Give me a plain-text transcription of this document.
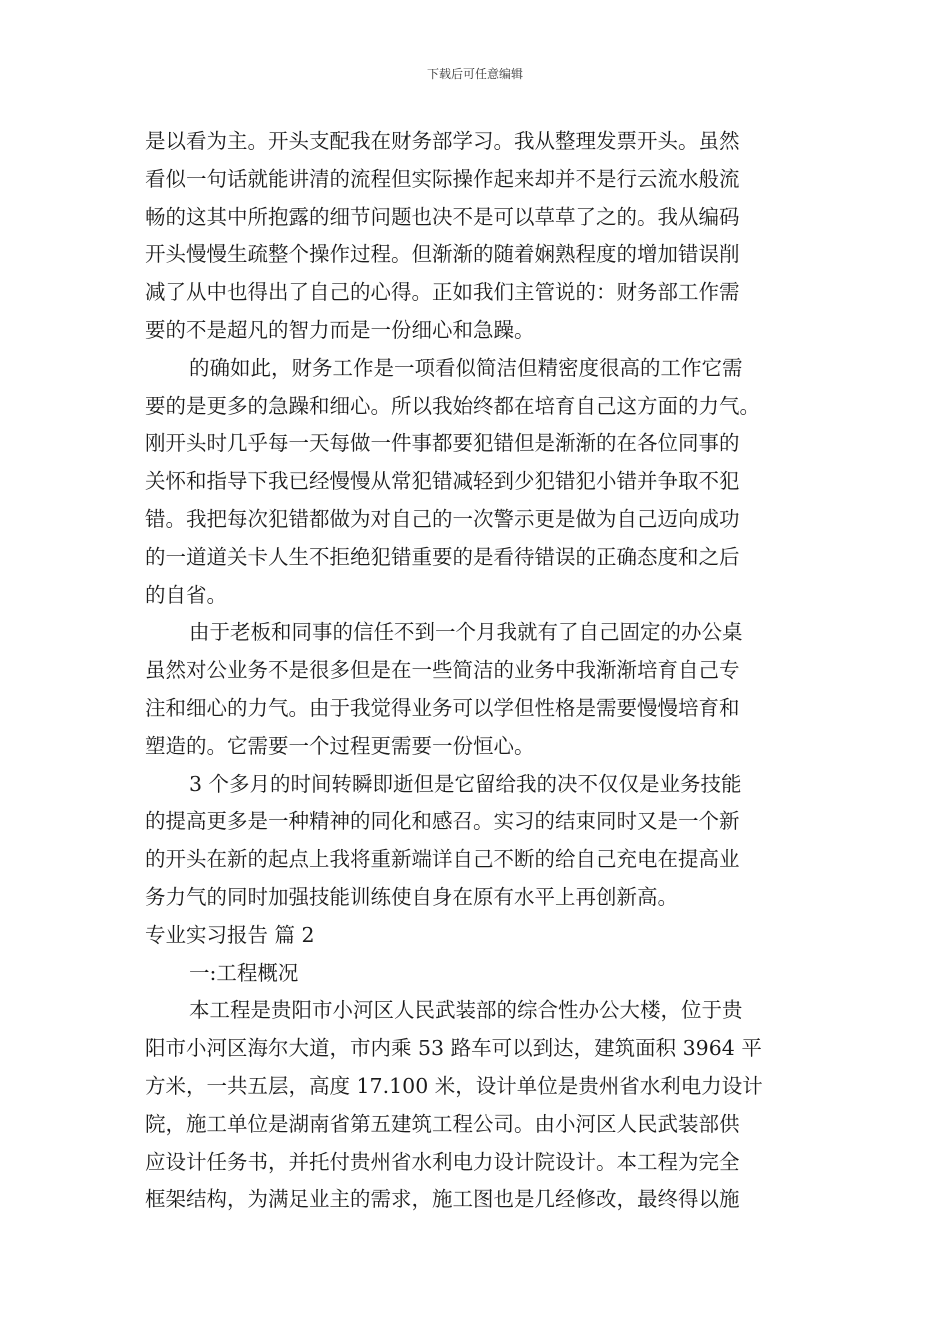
下载后可任意编辑
是以看为主。开头支配我在财务部学习。我从整理发票开头。虽然
看似一句话就能讲清的流程但实际操作起来却并不是行云流水般流
畅的这其中所抱露的细节问题也决不是可以草草了之的。我从编码
开头慢慢生疏整个操作过程。但渐渐的随着娴熟程度的增加错误削
减了从中也得出了自己的心得。正如我们主管说的：财务部工作需
要的不是超凡的智力而是一份细心和急躁。
的确如此，财务工作是一项看似简洁但精密度很高的工作它需
要的是更多的急躁和细心。所以我始终都在培育自己这方面的力气。
刚开头时几乎每一天每做一件事都要犯错但是渐渐的在各位同事的
关怀和指导下我已经慢慢从常犯错减轻到少犯错犯小错并争取不犯
错。我把每次犯错都做为对自己的一次警示更是做为自己迈向成功
的一道道关卡人生不拒绝犯错重要的是看待错误的正确态度和之后
的自省。
由于老板和同事的信任不到一个月我就有了自己固定的办公桌
虽然对公业务不是很多但是在一些简洁的业务中我渐渐培育自己专
注和细心的力气。由于我觉得业务可以学但性格是需要慢慢培育和
塑造的。它需要一个过程更需要一份恒心。
3 个多月的时间转瞬即逝但是它留给我的决不仅仅是业务技能
的提高更多是一种精神的同化和感召。实习的结束同时又是一个新
的开头在新的起点上我将重新端详自己不断的给自己充电在提高业
务力气的同时加强技能训练使自身在原有水平上再创新高。
专业实习报告 篇 2
一:工程概况
本工程是贵阳市小河区人民武装部的综合性办公大楼，位于贵
阳市小河区海尔大道，市内乘 53 路车可以到达，建筑面积 3964 平
方米，一共五层，高度 17.100 米，设计单位是贵州省水利电力设计
院，施工单位是湖南省第五建筑工程公司。由小河区人民武装部供
应设计任务书，并托付贵州省水利电力设计院设计。本工程为完全
框架结构，为满足业主的需求，施工图也是几经修改，最终得以施
